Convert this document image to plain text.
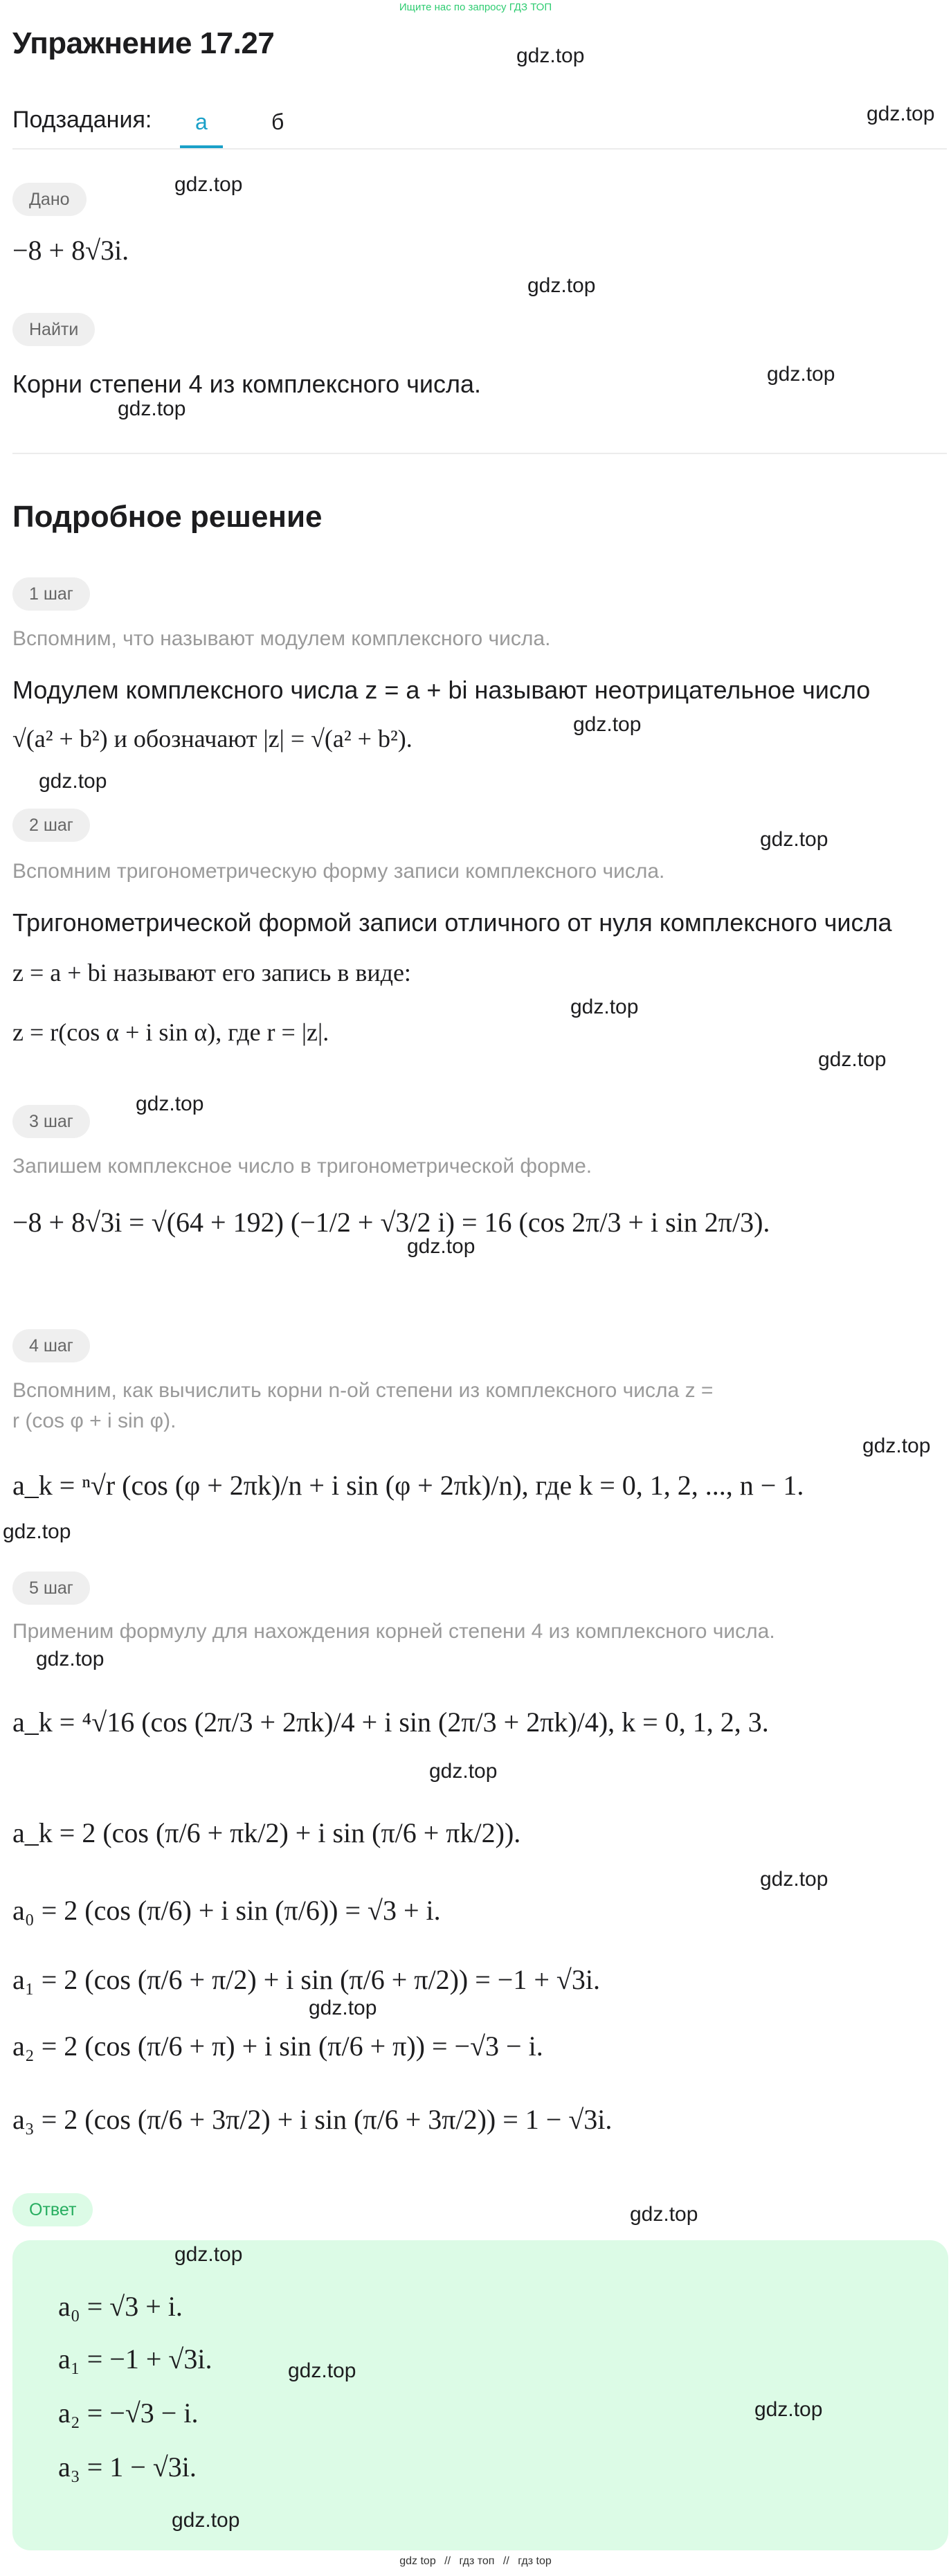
Ищите нас по запросу ГДЗ ТОП
Упражнение 17.27
Подзадания:	а	б
Дано
−8 + 8√3i.
Найти
Корни степени 4 из комплексного числа.
Подробное решение
1 шаг
Вспомним, что называют модулем комплексного числа.
Модулем комплексного числа z = a + bi называют неотрицательное число
√(a² + b²) и обозначают |z| = √(a² + b²).
2 шаг
Вспомним тригонометрическую форму записи комплексного числа.
Тригонометрической формой записи отличного от нуля комплексного числа
z = a + bi называют его запись в виде:
z = r(cos α + i sin α), где r = |z|.
3 шаг
Запишем комплексное число в тригонометрической форме.
−8 + 8√3i = √(64 + 192) (−1/2 + √3/2 i) = 16 (cos 2π/3 + i sin 2π/3).
4 шаг
Вспомним, как вычислить корни n-ой степени из комплексного числа z =
r (cos φ + i sin φ).
a_k = ⁿ√r (cos (φ + 2πk)/n + i sin (φ + 2πk)/n), где k = 0, 1, 2, ..., n − 1.
5 шаг
Применим формулу для нахождения корней степени 4 из комплексного числа.
a_k = ⁴√16 (cos (2π/3 + 2πk)/4 + i sin (2π/3 + 2πk)/4), k = 0, 1, 2, 3.
a_k = 2 (cos (π/6 + πk/2) + i sin (π/6 + πk/2)).
a₀ = 2 (cos (π/6) + i sin (π/6)) = √3 + i.
a₁ = 2 (cos (π/6 + π/2) + i sin (π/6 + π/2)) = −1 + √3i.
a₂ = 2 (cos (π/6 + π) + i sin (π/6 + π)) = −√3 − i.
a₃ = 2 (cos (π/6 + 3π/2) + i sin (π/6 + 3π/2)) = 1 − √3i.
Ответ
a₀ = √3 + i.
a₁ = −1 + √3i.
a₂ = −√3 − i.
a₃ = 1 − √3i.
gdz.top
gdz.top
gdz.top
gdz.top
gdz.top
gdz.top
gdz.top
gdz.top
gdz.top
gdz.top
gdz.top
gdz.top
gdz.top
gdz.top
gdz.top
gdz.top
gdz.top
gdz.top
gdz.top
gdz.top
gdz.top
gdz.top
gdz.top
gdz.top
gdz top // гдз топ // гдз top
